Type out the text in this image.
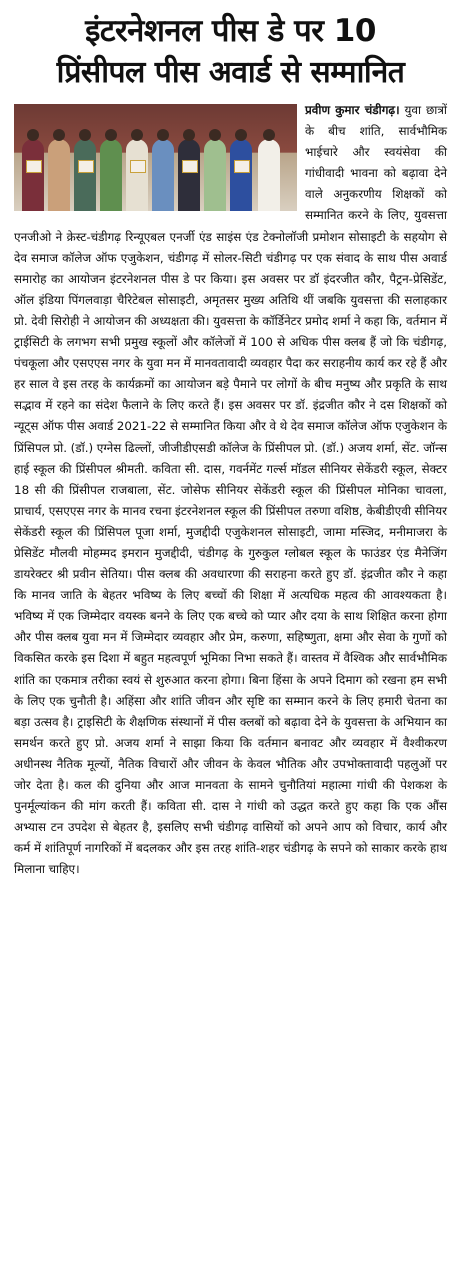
इंटरनेशनल पीस डे पर 10
प्रिंसीपल पीस अवार्ड से सम्मानित
प्रवीण कुमार चंडीगढ़। युवा छात्रों के बीच शांति, सार्वभौमिक भाईचारे और स्वयंसेवा की गांधीवादी भावना को बढ़ावा देने वाले अनुकरणीय शिक्षकों को सम्मानित करने के लिए, युवसत्ता एनजीओ ने क्रेस्ट-चंडीगढ़ रिन्यूएबल एनर्जी एंड साइंस एंड टेक्नोलॉजी प्रमोशन सोसाइटी के सहयोग से देव समाज कॉलेज ऑफ एजुकेशन, चंडीगढ़ में सोलर-सिटी चंडीगढ़ पर एक संवाद के साथ पीस अवार्ड समारोह का आयोजन इंटरनेशनल पीस डे पर किया। इस अवसर पर डॉ इंदरजीत कौर, पैट्रन-प्रेसिडेंट, ऑल इंडिया पिंगलवाड़ा चैरिटेबल सोसाइटी, अमृतसर मुख्य अतिथि थीं जबकि युवसत्ता की सलाहकार प्रो. देवी सिरोही ने आयोजन की अध्यक्षता की। युवसत्ता के कॉर्डिनेटर प्रमोद शर्मा ने कहा कि, वर्तमान में ट्राईसिटी के लगभग सभी प्रमुख स्कूलों और कॉलेजों में 100 से अधिक पीस क्लब हैं जो कि चंडीगढ़, पंचकूला और एसएएस नगर के युवा मन में मानवतावादी व्यवहार पैदा कर सराहनीय कार्य कर रहे हैं और हर साल वे इस तरह के कार्यक्रमों का आयोजन बड़े पैमाने पर लोगों के बीच मनुष्य और प्रकृति के साथ सद्भाव में रहने का संदेश फैलाने के लिए करते हैं। इस अवसर पर डॉ. इंद्रजीत कौर ने दस शिक्षकों को न्यूट्स ऑफ पीस अवार्ड 2021-22 से सम्मानित किया और वे थे देव समाज कॉलेज ऑफ एजुकेशन के प्रिंसिपल प्रो. (डॉ.) एग्नेस ढिल्लों, जीजीडीएसडी कॉलेज के प्रिंसीपल प्रो. (डॉ.) अजय शर्मा, सेंट. जॉन्स हाई स्कूल की प्रिंसीपल श्रीमती. कविता सी. दास, गवर्नमेंट गर्ल्स मॉडल सीनियर सेकेंडरी स्कूल, सेक्टर 18 सी की प्रिंसीपल राजबाला, सेंट. जोसेफ सीनियर सेकेंडरी स्कूल की प्रिंसीपल मोनिका चावला, प्राचार्य, एसएएस नगर के मानव रचना इंटरनेशनल स्कूल की प्रिंसीपल तरुणा वशिष्ठ, केबीडीएवी सीनियर सेकेंडरी स्कूल की प्रिंसिपल पूजा शर्मा, मुजद्दीदी एजुकेशनल सोसाइटी, जामा मस्जिद, मनीमाजरा के प्रेसिडेंट मौलवी मोहम्मद इमरान मुजद्दीदी, चंडीगढ़ के गुरुकुल ग्लोबल स्कूल के फाउंडर एंड मैनेजिंग डायरेक्टर श्री प्रवीन सेतिया। पीस क्लब की अवधारणा की सराहना करते हुए डॉ. इंद्रजीत कौर ने कहा कि मानव जाति के बेहतर भविष्य के लिए बच्चों की शिक्षा में अत्यधिक महत्व की आवश्यकता है। भविष्य में एक जिम्मेदार वयस्क बनने के लिए एक बच्चे को प्यार और दया के साथ शिक्षित करना होगा और पीस क्लब युवा मन में जिम्मेदार व्यवहार और प्रेम, करुणा, सहिष्णुता, क्षमा और सेवा के गुणों को विकसित करके इस दिशा में बहुत महत्वपूर्ण भूमिका निभा सकते हैं। वास्तव में वैश्विक और सार्वभौमिक शांति का एकमात्र तरीका स्वयं से शुरुआत करना होगा। बिना हिंसा के अपने दिमाग को रखना हम सभी के लिए एक चुनौती है। अहिंसा और शांति जीवन और सृष्टि का सम्मान करने के लिए हमारी चेतना का बड़ा उत्सव है। ट्राइसिटी के शैक्षणिक संस्थानों में पीस क्लबों को बढ़ावा देने के युवसत्ता के अभियान का समर्थन करते हुए प्रो. अजय शर्मा ने साझा किया कि वर्तमान बनावट और व्यवहार में वैश्वीकरण अधीनस्थ नैतिक मूल्यों, नैतिक विचारों और जीवन के केवल भौतिक और उपभोक्तावादी पहलुओं पर जोर देता है। कल की दुनिया और आज मानवता के सामने चुनौतियां महात्मा गांधी की पेशकश के पुनर्मूल्यांकन की मांग करती हैं। कविता सी. दास ने गांधी को उद्धत करते हुए कहा कि एक औंस अभ्यास टन उपदेश से बेहतर है, इसलिए सभी चंडीगढ़ वासियों को अपने आप को विचार, कार्य और कर्म में शांतिपूर्ण नागरिकों में बदलकर और इस तरह शांति-शहर चंडीगढ़ के सपने को साकार करके हाथ मिलाना चाहिए।
